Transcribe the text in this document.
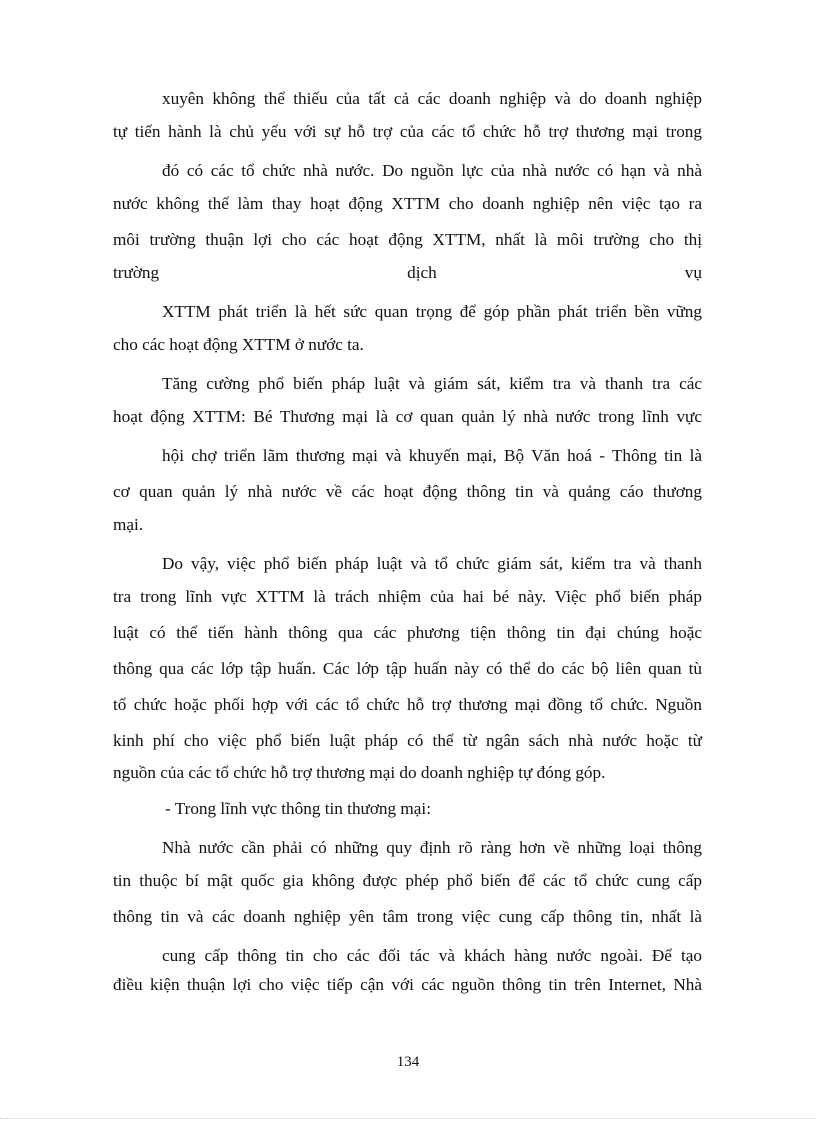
xuyên không thể thiếu của tất cả các doanh nghiệp và do doanh nghiệp

tự tiến hành là chủ yếu với sự hỗ trợ của các tổ chức hỗ trợ thương mại trong

đó có các tổ chức nhà nước. Do nguồn lực của nhà nước có hạn và nhà

nước không thể làm thay hoạt động XTTM cho doanh nghiệp nên việc tạo ra

môi trường thuận lợi cho các hoạt động XTTM, nhất là môi trường cho thị

trường dịch vụ

XTTM phát triển là hết sức quan trọng để góp phần phát triển bền vững

cho các hoạt động XTTM ở nước ta.

Tăng cường phổ biến pháp luật và giám sát, kiểm tra và thanh tra các

hoạt động XTTM: Bé Thương mại là cơ quan quản lý nhà nước trong lĩnh vực

hội chợ triển lãm thương mại và khuyến mại, Bộ Văn hoá - Thông tin là

cơ quan quản lý nhà nước về các hoạt động thông tin và quảng cáo thương

mại.

Do vậy, việc phổ biến pháp luật và tổ chức giám sát, kiểm tra và thanh

tra trong lĩnh vực XTTM là trách nhiệm của hai bé này. Việc phổ biến pháp

luật có thể tiến hành thông qua các phương tiện thông tin đại chúng hoặc

thông qua các lớp tập huấn. Các lớp tập huấn này có thể do các bộ liên quan tù

tổ chức hoặc phối hợp với các tổ chức hỗ trợ thương mại đồng tổ chức. Nguồn

kinh phí cho việc phổ biến luật pháp có thể từ ngân sách nhà nước hoặc từ

nguồn của các tổ chức hỗ trợ thương mại do doanh nghiệp tự đóng góp.

- Trong lĩnh vực thông tin thương mại:

Nhà nước cần phải có những quy định rõ ràng hơn về những loại thông

tin thuộc bí mật quốc gia không được phép phổ biến để các tổ chức cung cấp

thông tin và các doanh nghiệp yên tâm trong việc cung cấp thông tin, nhất là

cung cấp thông tin cho các đối tác và khách hàng nước ngoài. Để tạo

điều kiện thuận lợi cho việc tiếp cận với các nguồn thông tin trên Internet, Nhà

134
